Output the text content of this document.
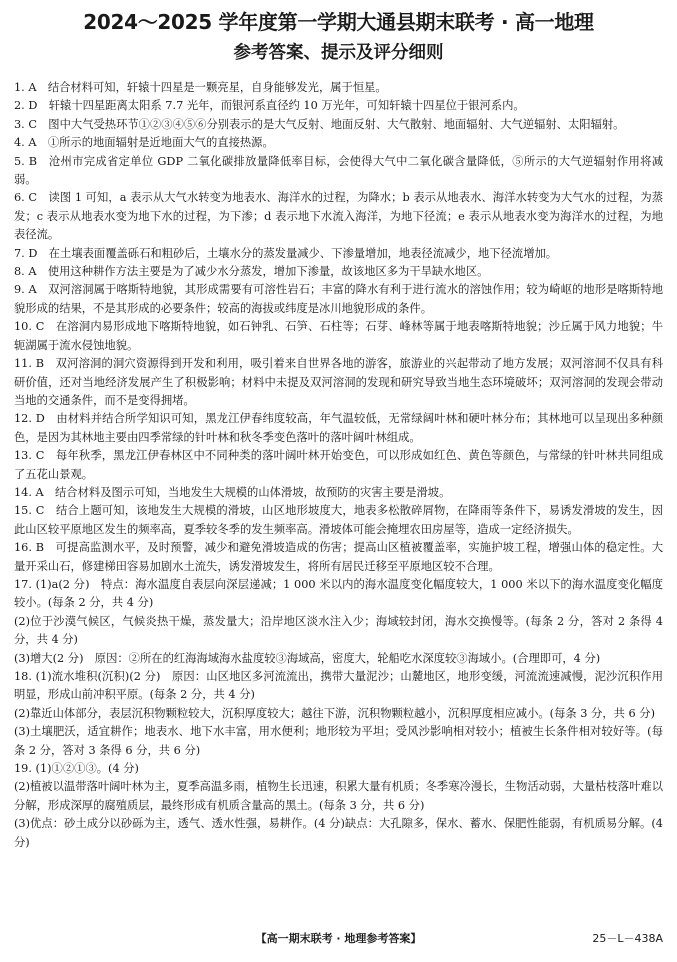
2024～2025 学年度第一学期大通县期末联考 · 高一地理
参考答案、提示及评分细则

1. A　结合材料可知，轩辕十四星是一颗亮星，自身能够发光，属于恒星。

2. D　轩辕十四星距离太阳系 7.7 光年，而银河系直径约 10 万光年，可知轩辕十四星位于银河系内。

3. C　图中大气受热环节①②③④⑤⑥分别表示的是大气反射、地面反射、大气散射、地面辐射、大气逆辐射、太阳辐射。

4. A　①所示的地面辐射是近地面大气的直接热源。

5. B　沧州市完成省定单位 GDP 二氧化碳排放量降低率目标，会使得大气中二氧化碳含量降低，⑤所示的大气逆辐射作用将减弱。

6. C　读图 1 可知，a 表示从大气水转变为地表水、海洋水的过程，为降水；b 表示从地表水、海洋水转变为大气水的过程，为蒸发；c 表示从地表水变为地下水的过程，为下渗；d 表示地下水流入海洋，为地下径流；e 表示从地表水变为海洋水的过程，为地表径流。

7. D　在土壤表面覆盖砾石和粗砂后，土壤水分的蒸发量减少、下渗量增加，地表径流减少，地下径流增加。

8. A　使用这种耕作方法主要是为了减少水分蒸发，增加下渗量，故该地区多为干旱缺水地区。

9. A　双河溶洞属于喀斯特地貌，其形成需要有可溶性岩石；丰富的降水有利于进行流水的溶蚀作用；较为崎岖的地形是喀斯特地貌形成的结果，不是其形成的必要条件；较高的海拔或纬度是冰川地貌形成的条件。

10. C　在溶洞内易形成地下喀斯特地貌，如石钟乳、石笋、石柱等；石芽、峰林等属于地表喀斯特地貌；沙丘属于风力地貌；牛轭湖属于流水侵蚀地貌。

11. B　双河溶洞的洞穴资源得到开发和利用，吸引着来自世界各地的游客，旅游业的兴起带动了地方发展；双河溶洞不仅具有科研价值，还对当地经济发展产生了积极影响；材料中未提及双河溶洞的发现和研究导致当地生态环境破坏；双河溶洞的发现会带动当地的交通条件，而不是变得拥堵。

12. D　由材料并结合所学知识可知，黑龙江伊春纬度较高，年气温较低，无常绿阔叶林和硬叶林分布；其林地可以呈现出多种颜色，是因为其林地主要由四季常绿的针叶林和秋冬季变色落叶的落叶阔叶林组成。

13. C　每年秋季，黑龙江伊春林区中不同种类的落叶阔叶林开始变色，可以形成如红色、黄色等颜色，与常绿的针叶林共同组成了五花山景观。

14. A　结合材料及图示可知，当地发生大规模的山体滑坡，故预防的灾害主要是滑坡。

15. C　结合上题可知，该地发生大规模的滑坡，山区地形坡度大，地表多松散碎屑物，在降雨等条件下，易诱发滑坡的发生，因此山区较平原地区发生的频率高，夏季较冬季的发生频率高。滑坡体可能会掩埋农田房屋等，造成一定经济损失。

16. B　可提高监测水平，及时预警，减少和避免滑坡造成的伤害；提高山区植被覆盖率，实施护坡工程，增强山体的稳定性。大量开采山石，修建梯田容易加剧水土流失，诱发滑坡发生，将所有居民迁移至平原地区较不合理。

17. (1)a(2 分)　特点：海水温度自表层向深层递减；1 000 米以内的海水温度变化幅度较大，1 000 米以下的海水温度变化幅度较小。(每条 2 分，共 4 分)

(2)位于沙漠气候区，气候炎热干燥，蒸发量大；沿岸地区淡水注入少；海域较封闭，海水交换慢等。(每条 2 分，答对 2 条得 4 分，共 4 分)

(3)增大(2 分)　原因：②所在的红海海域海水盐度较③海域高，密度大，轮船吃水深度较③海域小。(合理即可，4 分)

18. (1)流水堆积(沉积)(2 分)　原因：山区地区多河流流出，携带大量泥沙；山麓地区，地形变缓，河流流速减慢，泥沙沉积作用明显，形成山前冲积平原。(每条 2 分，共 4 分)

(2)靠近山体部分，表层沉积物颗粒较大，沉积厚度较大；越往下游，沉积物颗粒越小，沉积厚度相应减小。(每条 3 分，共 6 分)

(3)土壤肥沃，适宜耕作；地表水、地下水丰富，用水便利；地形较为平坦；受风沙影响相对较小；植被生长条件相对较好等。(每条 2 分，答对 3 条得 6 分，共 6 分)

19. (1)①②①③。(4 分)

(2)植被以温带落叶阔叶林为主，夏季高温多雨，植物生长迅速，积累大量有机质；冬季寒冷漫长，生物活动弱，大量枯枝落叶难以分解，形成深厚的腐殖质层，最终形成有机质含量高的黑土。(每条 3 分，共 6 分)

(3)优点：砂土成分以砂砾为主，透气、透水性强，易耕作。(4 分)缺点：大孔隙多，保水、蓄水、保肥性能弱，有机质易分解。(4 分)

【高一期末联考 · 地理参考答案】	25－L－438A
